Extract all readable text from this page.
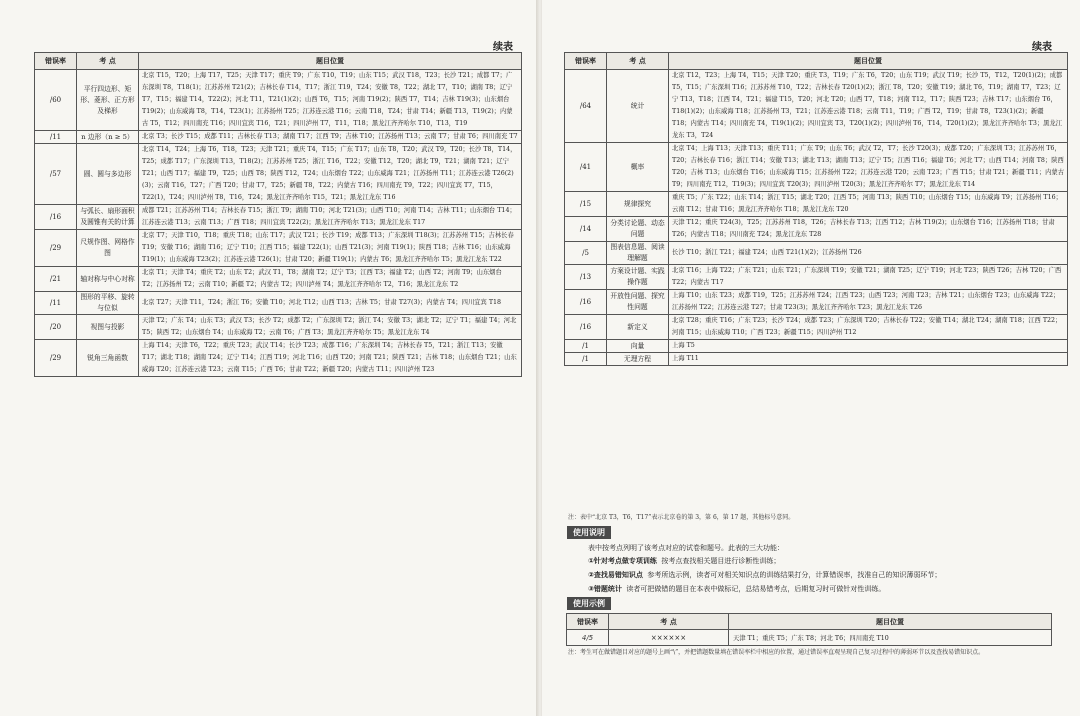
续表	续表
错误率	考 点	题目位置
/60	平行四边形、矩形、菱形、正方形及梯形	北京 T15，T20；上海 T17，T25；天津 T17；重庆 T9；广东 T10，T19；山东 T15；武汉 T18，T23；长沙 T21；成都 T7；广东深圳 T8，T18(1)；江苏苏州 T21(2)；吉林长春 T14，T17；浙江 T19，T24；安徽 T8，T22；湖北 T7，T10；湖南 T8；辽宁 T7，T15；福建 T14，T22(2)；河北 T11，T21(1)(2)；山西 T6，T15；河南 T19(2)；陕西 T7，T14；吉林 T19(3)；山东烟台 T19(2)；山东威海 T8，T14，T23(1)；江苏扬州 T25；江苏连云港 T16；云南 T18，T24；甘肃 T14；新疆 T13，T19(2)；内蒙古 T5，T12；四川南充 T16；四川宜宾 T16，T21；四川泸州 T7，T11，T18；黑龙江齐齐哈尔 T10，T13，T19
/11	n 边形（n ≥ 5）	北京 T3；长沙 T15；成都 T11；吉林长春 T13；湖南 T17；江西 T9；吉林 T10；江苏扬州 T13；云南 T7；甘肃 T6；四川南充 T7
/57	圆、圆与多边形	北京 T14，T24；上海 T6，T18，T23；天津 T21；重庆 T4，T15；广东 T17；山东 T8，T20；武汉 T9，T20；长沙 T8，T14，T25；成都 T17；广东深圳 T13，T18(2)；江苏苏州 T25；浙江 T16，T22；安徽 T12，T20；湖北 T9，T21；湖南 T21；辽宁 T21；山西 T17；福建 T9，T25；山西 T8；陕西 T12，T24；山东烟台 T22；山东威海 T21；江苏扬州 T11；江苏连云港 T26(2)(3)；云南 T16，T27；广西 T20；甘肃 T7，T25；新疆 T8，T22；内蒙古 T16；四川南充 T9，T22；四川宜宾 T7，T15，T22(1)，T24；四川泸州 T8，T16，T24；黑龙江齐齐哈尔 T15，T21；黑龙江龙东 T16
/16	与弧长、扇形面积及圆锥有关的计算	成都 T21；江苏苏州 T14；吉林长春 T15；浙江 T9；湖南 T10；河北 T21(3)；山西 T10；河南 T14；吉林 T11；山东烟台 T14；江苏连云港 T13；云南 T13；广西 T18；四川宜宾 T22(2)；黑龙江齐齐哈尔 T13；黑龙江龙东 T17
/29	尺规作图、网格作图	北京 T7；天津 T10，T18；重庆 T18；山东 T17；武汉 T21；长沙 T19；成都 T13；广东深圳 T18(3)；江苏苏州 T15；吉林长春 T19；安徽 T16；湖南 T16；辽宁 T10；江西 T15；福建 T22(1)；山西 T21(3)；河南 T19(1)；陕西 T18；吉林 T16；山东威海 T19(1)；山东威海 T23(2)；江苏连云港 T26(1)；甘肃 T20；新疆 T19(1)；内蒙古 T6；黑龙江齐齐哈尔 T5；黑龙江龙东 T22
/21	轴对称与中心对称	北京 T1；天津 T4；重庆 T2；山东 T2；武汉 T1，T8；湖南 T2；辽宁 T3；江西 T3；福建 T2；山西 T2；河南 T9；山东烟台 T2；江苏扬州 T2；云南 T10；新疆 T2；内蒙古 T2；四川泸州 T4；黑龙江齐齐哈尔 T2，T16；黑龙江龙东 T2
/11	图形的平移、旋转与位似	北京 T27；天津 T11，T24；浙江 T6；安徽 T10；河北 T12；山西 T13；吉林 T5；甘肃 T27(3)；内蒙古 T4；四川宜宾 T18
/20	视图与投影	天津 T2；广东 T4；山东 T3；武汉 T3；长沙 T2；成都 T2；广东深圳 T2；浙江 T4；安徽 T3；湖北 T2；辽宁 T1；福建 T4；河北 T5；陕西 T2；山东烟台 T4；山东威海 T2；云南 T6；广西 T3；黑龙江齐齐哈尔 T5；黑龙江龙东 T4
/29	锐角三角函数	上海 T14；天津 T6，T22；重庆 T23；武汉 T14；长沙 T23；成都 T16；广东深圳 T4；吉林长春 T5，T21；浙江 T13；安徽 T17；湖北 T18；湖南 T24；辽宁 T14；江西 T19；河北 T16；山西 T20；河南 T21；陕西 T21；吉林 T18；山东烟台 T21；山东威海 T20；江苏连云港 T23；云南 T15；广西 T6；甘肃 T22；新疆 T20；内蒙古 T11；四川泸州 T23
错误率	考 点	题目位置
/64	统计	北京 T12，T23；上海 T4，T15；天津 T20；重庆 T3，T19；广东 T6，T20；山东 T19；武汉 T19；长沙 T5，T12，T20(1)(2)；成都 T5，T15；广东深圳 T16；江苏苏州 T10，T22；吉林长春 T20(1)(2)；浙江 T8，T20；安徽 T19；湖北 T6，T19；湖南 T7，T23；辽宁 T13，T18；江西 T4，T21；福建 T15，T20；河北 T20；山西 T7，T18；河南 T12，T17；陕西 T23；吉林 T17；山东烟台 T6，T18(1)(2)；山东威海 T18；江苏扬州 T3，T21；江苏连云港 T18；云南 T11，T19；广西 T2，T19；甘肃 T8，T23(1)(2)；新疆 T18；内蒙古 T14；四川南充 T4，T19(1)(2)；四川宜宾 T3，T20(1)(2)；四川泸州 T6，T14，T20(1)(2)；黑龙江齐齐哈尔 T3；黑龙江龙东 T3，T24
/41	概率	北京 T4；上海 T13；天津 T13；重庆 T11；广东 T9；山东 T6；武汉 T2，T7；长沙 T20(3)；成都 T20；广东深圳 T3；江苏苏州 T6，T20；吉林长春 T16；浙江 T14；安徽 T13；湖北 T13；湖南 T13；辽宁 T5；江西 T16；福建 T6；河北 T7；山西 T14；河南 T8；陕西 T20；吉林 T13；山东烟台 T16；山东威海 T15；江苏扬州 T22；江苏连云港 T20；云南 T23；广西 T15；甘肃 T21；新疆 T11；内蒙古 T9；四川南充 T12，T19(3)；四川宜宾 T20(3)；四川泸州 T20(3)；黑龙江齐齐哈尔 T7；黑龙江龙东 T14
/15	规律探究	重庆 T5；广东 T22；山东 T14；浙江 T15；湖北 T20；江西 T5；河南 T13；陕西 T10；山东烟台 T15；山东威海 T9；江苏扬州 T16；云南 T12；甘肃 T16；黑龙江齐齐哈尔 T18；黑龙江龙东 T20
/14	分类讨论题、动态问题	天津 T12；重庆 T24(3)，T25；江苏苏州 T18，T26；吉林长春 T13；江西 T12；吉林 T19(2)；山东烟台 T16；江苏扬州 T18；甘肃 T26；内蒙古 T18；四川南充 T24；黑龙江龙东 T28
/5	图表信息题、阅读理解题	长沙 T10；浙江 T21；福建 T24；山西 T21(1)(2)；江苏扬州 T26
/13	方案设计题、实践操作题	北京 T16；上海 T22；广东 T21；山东 T21；广东深圳 T19；安徽 T21；湖南 T25；辽宁 T19；河北 T23；陕西 T26；吉林 T20；广西 T22；内蒙古 T17
/16	开放性问题、探究性问题	上海 T10；山东 T23；成都 T19，T25；江苏苏州 T24；江西 T23；山西 T23；河南 T23；吉林 T21；山东烟台 T23；山东威海 T22；江苏扬州 T22；江苏连云港 T27；甘肃 T23(3)；黑龙江齐齐哈尔 T23；黑龙江龙东 T26
/16	新定义	北京 T28；重庆 T16；广东 T23；长沙 T24；成都 T23；广东深圳 T20；吉林长春 T22；安徽 T14；湖北 T24；湖南 T18；江西 T22；河南 T15；山东威海 T10；广西 T23；新疆 T15；四川泸州 T12
/1	向量	上海 T5
/1	无理方程	上海 T11
注：表中“北京 T3，T6，T17”表示北京卷的第 3，第 6，第 17 题，其他标号意同。
使用说明
表中按考点列明了该考点对应的试卷和题号。此表的三大功能：
①针对考点做专项训练 按考点查找相关题目进行诊断性训练；
②查找易错知识点 参考所选示例，读者可对相关知识点的训练结果打分，计算错误率，找准自己的知识薄弱环节；
③错题统计 读者可把做错的题目在本表中做标记，总结易错考点，后期复习时可做针对性训练。
使用示例
错误率	考 点	题目位置
4/5	××××××	天津 T1；重庆 T5；广东 T8；河北 T6；四川南充 T10
注：考生可在做错题目对应的题号上画“\”，并把错题数量填在错误率栏中相应的位置，通过错误率直观呈现自己复习过程中的薄弱环节以及查找易错知识点。
